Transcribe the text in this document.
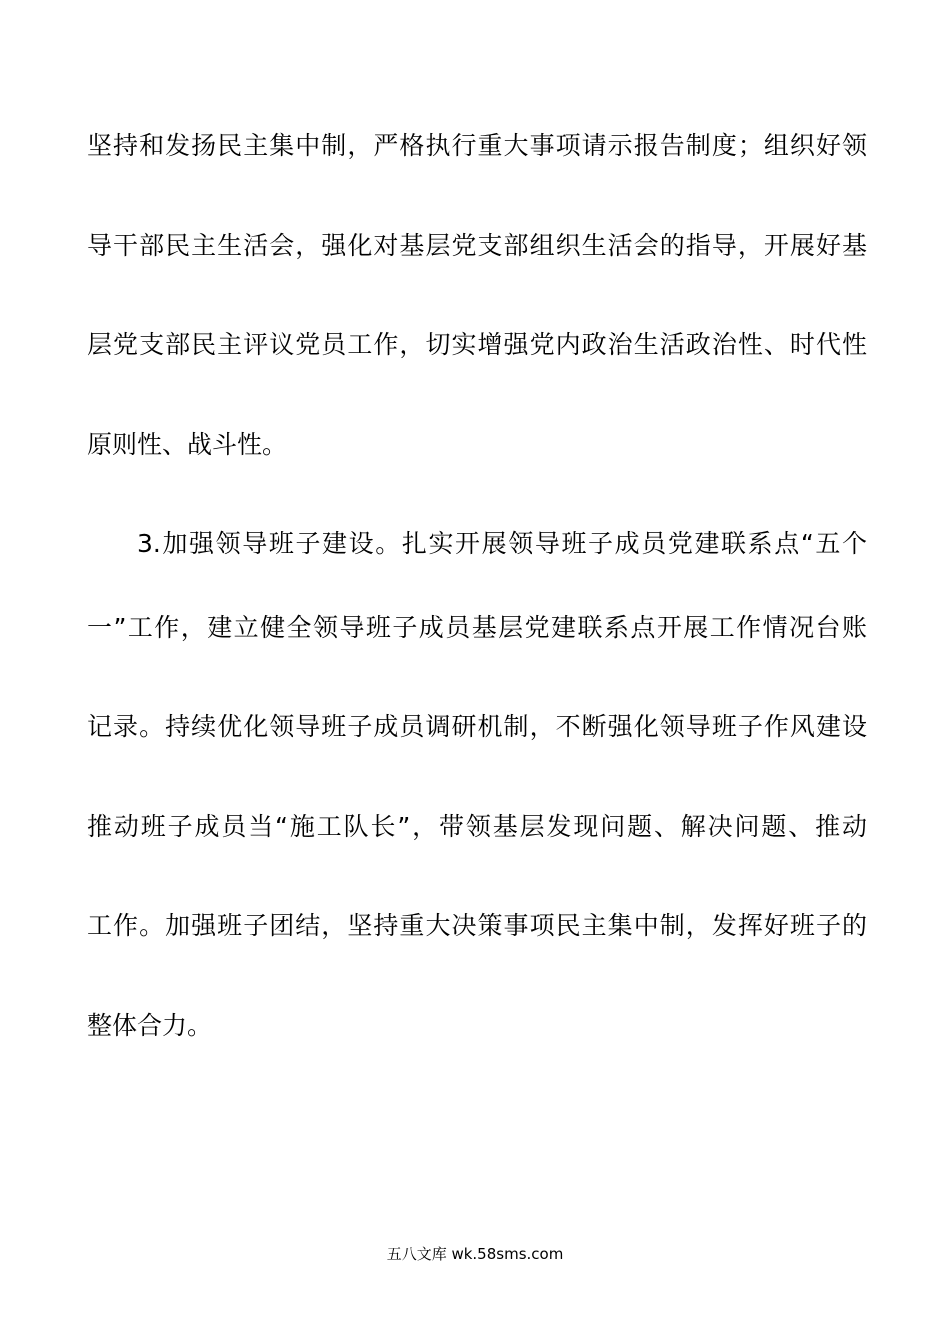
坚持和发扬民主集中制，严格执行重大事项请示报告制度；组织好领
导干部民主生活会，强化对基层党支部组织生活会的指导，开展好基
层党支部民主评议党员工作，切实增强党内政治生活政治性、时代性
原则性、战斗性。
3.加强领导班子建设。扎实开展领导班子成员党建联系点“五个
一”工作，建立健全领导班子成员基层党建联系点开展工作情况台账
记录。持续优化领导班子成员调研机制，不断强化领导班子作风建设
推动班子成员当“施工队长”，带领基层发现问题、解决问题、推动
工作。加强班子团结，坚持重大决策事项民主集中制，发挥好班子的
整体合力。
五八文库 wk.58sms.com
